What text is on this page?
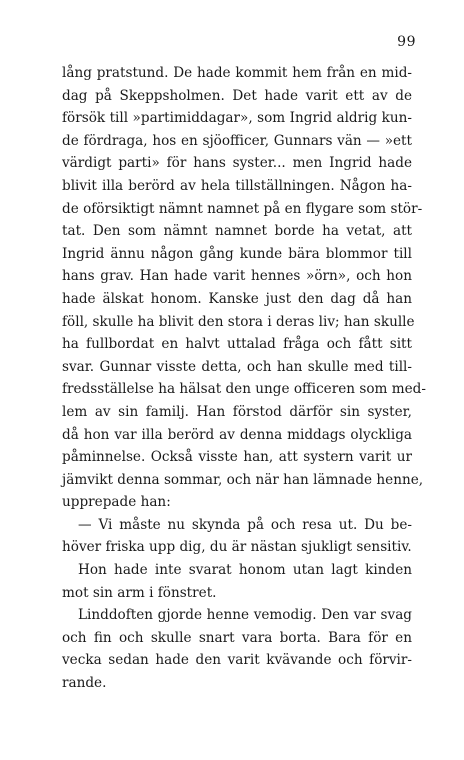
99
lång pratstund. De hade kommit hem från en mid-
dag på Skeppsholmen. Det hade varit ett av de
försök till »partimiddagar», som Ingrid aldrig kun-
de fördraga, hos en sjöofficer, Gunnars vän — »ett
värdigt parti» för hans syster... men Ingrid hade
blivit illa berörd av hela tillställningen. Någon ha-
de oförsiktigt nämnt namnet på en flygare som stör-
tat. Den som nämnt namnet borde ha vetat, att
Ingrid ännu någon gång kunde bära blommor till
hans grav. Han hade varit hennes »örn», och hon
hade älskat honom. Kanske just den dag då han
föll, skulle ha blivit den stora i deras liv; han skulle
ha fullbordat en halvt uttalad fråga och fått sitt
svar. Gunnar visste detta, och han skulle med till-
fredsställelse ha hälsat den unge officeren som med-
lem av sin familj. Han förstod därför sin syster,
då hon var illa berörd av denna middags olyckliga
påminnelse. Också visste han, att systern varit ur
jämvikt denna sommar, och när han lämnade henne,
upprepade han:
— Vi måste nu skynda på och resa ut. Du be-
höver friska upp dig, du är nästan sjukligt sensitiv.
Hon hade inte svarat honom utan lagt kinden
mot sin arm i fönstret.
Linddoften gjorde henne vemodig. Den var svag
och fin och skulle snart vara borta. Bara för en
vecka sedan hade den varit kvävande och förvir-
rande.
